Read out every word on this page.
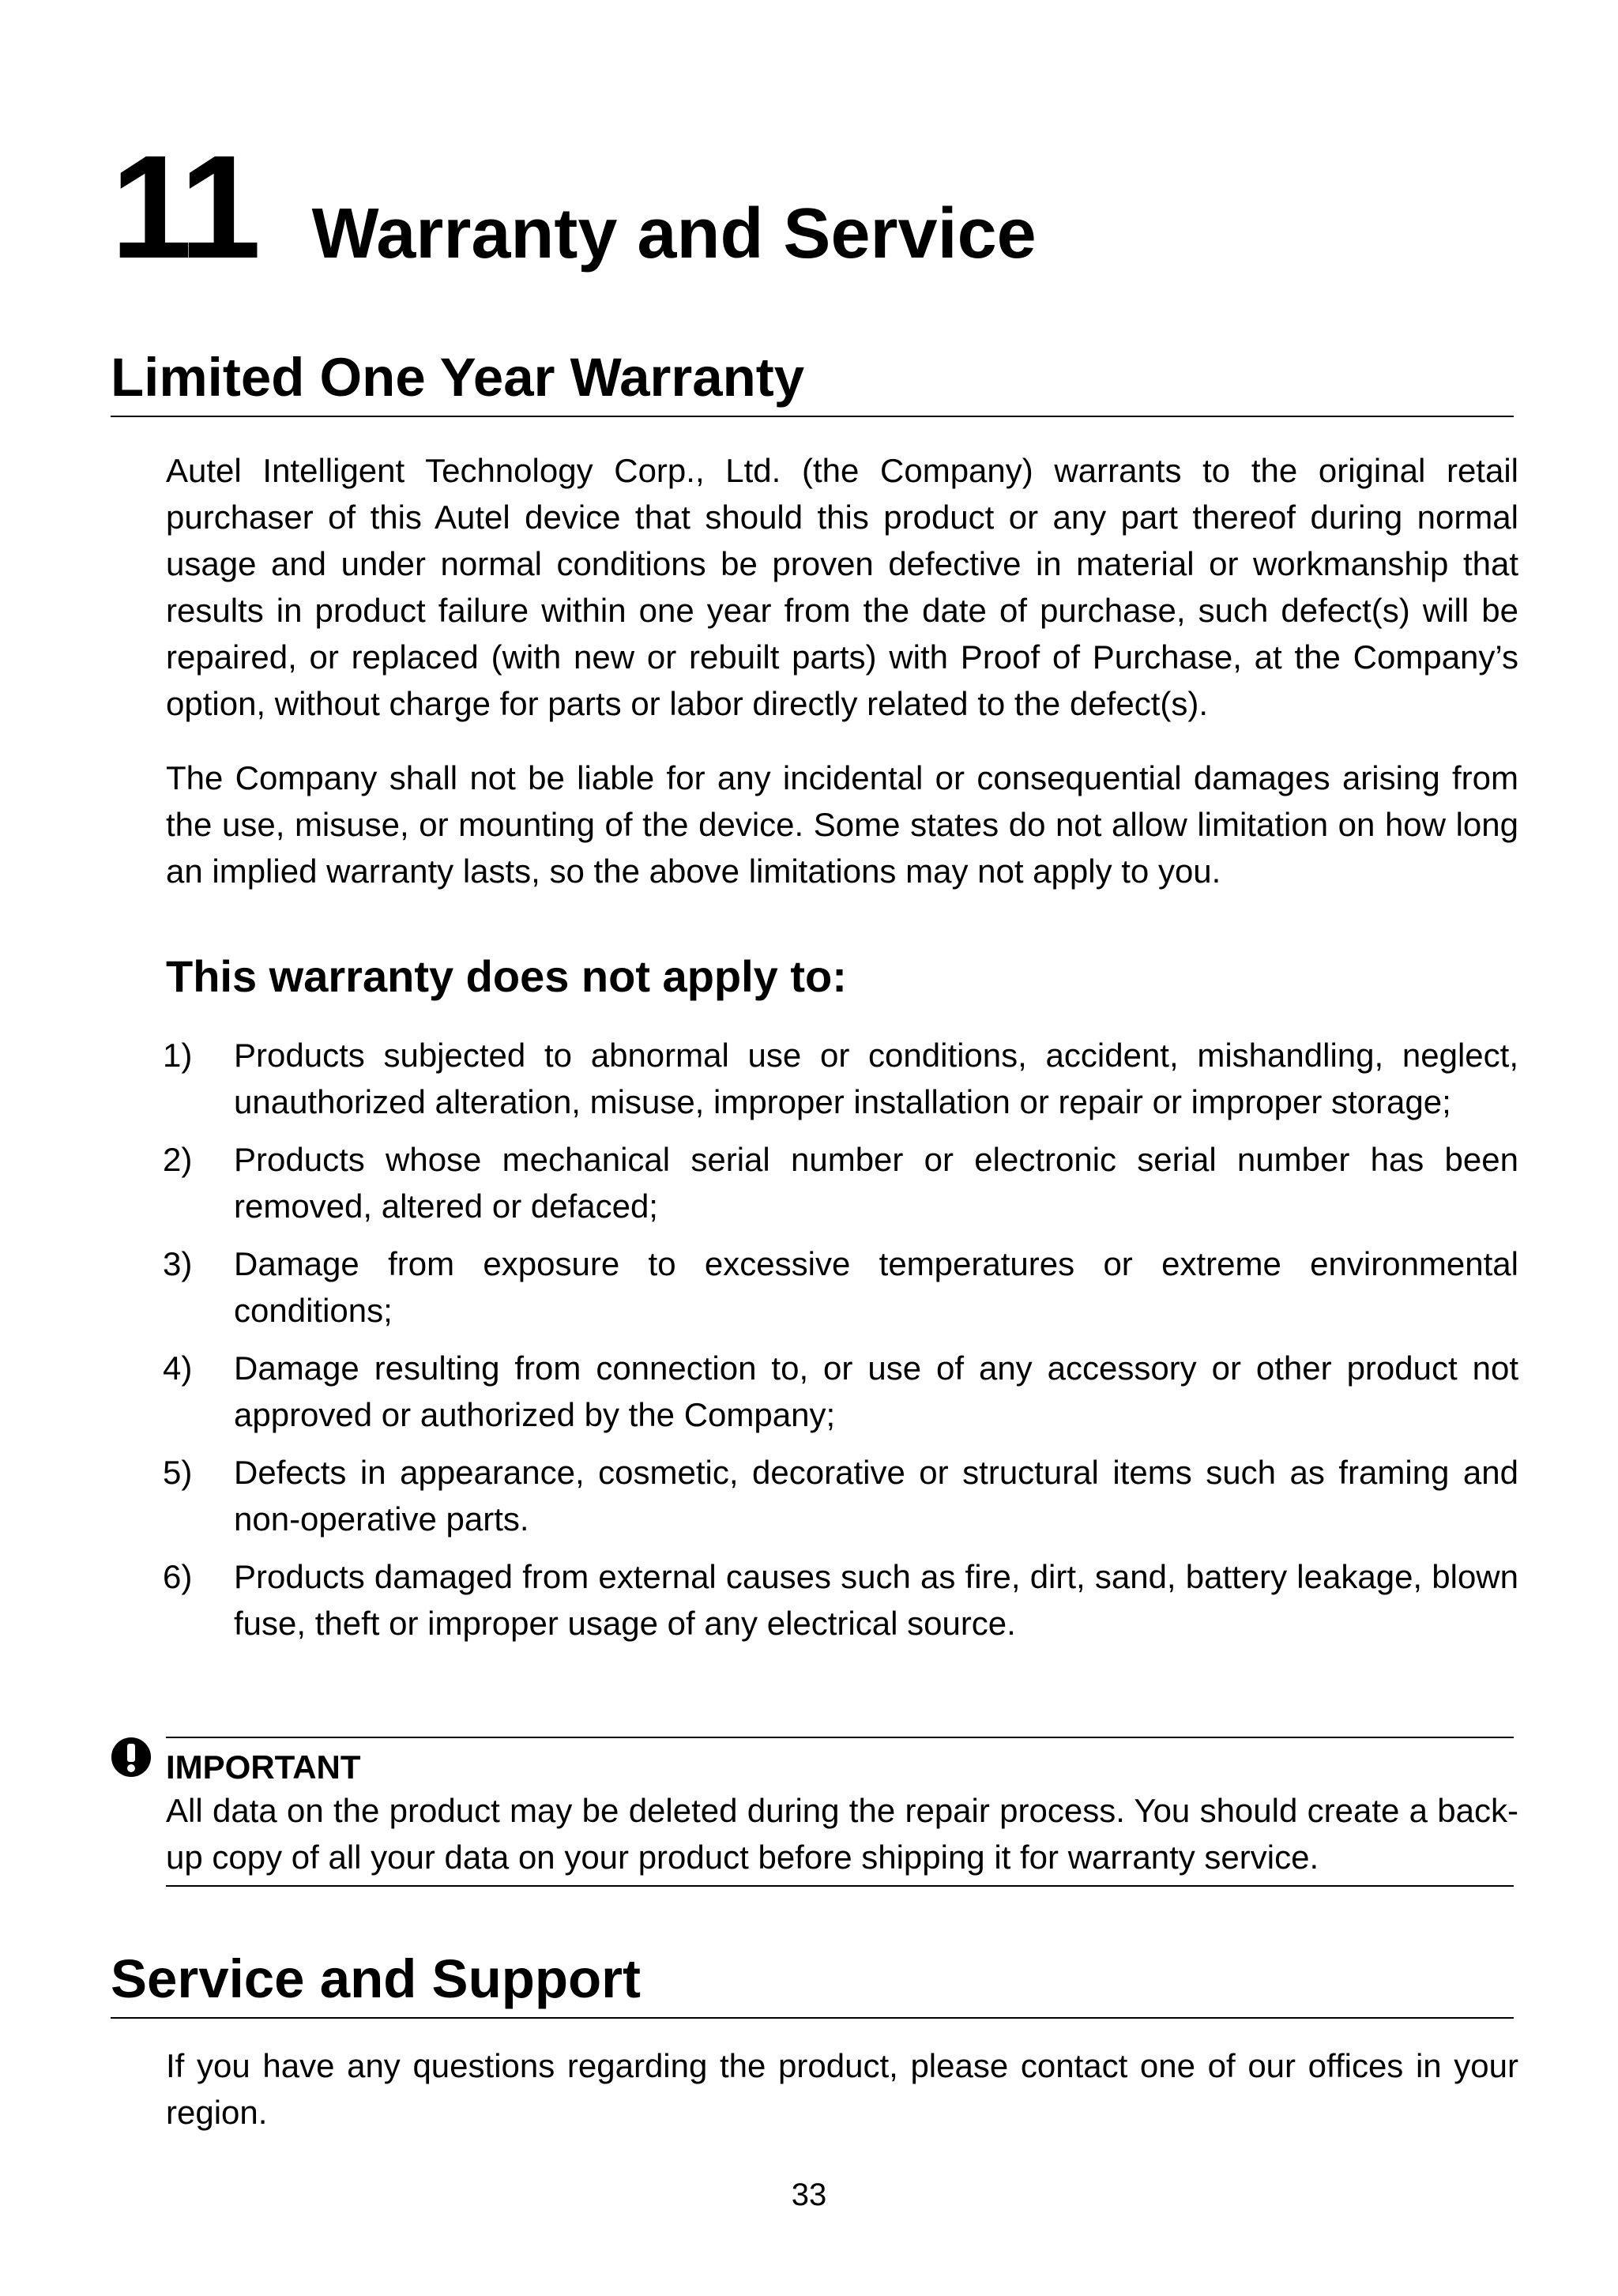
11 Warranty and Service
Limited One Year Warranty

Autel Intelligent Technology Corp., Ltd. (the Company) warrants to the original retail purchaser of this Autel device that should this product or any part thereof during normal usage and under normal conditions be proven defective in material or workmanship that results in product failure within one year from the date of purchase, such defect(s) will be repaired, or replaced (with new or rebuilt parts) with Proof of Purchase, at the Company’s option, without charge for parts or labor directly related to the defect(s).

The Company shall not be liable for any incidental or consequential damages arising from the use, misuse, or mounting of the device. Some states do not allow limitation on how long an implied warranty lasts, so the above limitations may not apply to you.

This warranty does not apply to:
1) Products subjected to abnormal use or conditions, accident, mishandling, neglect, unauthorized alteration, misuse, improper installation or repair or improper storage;
2) Products whose mechanical serial number or electronic serial number has been removed, altered or defaced;
3) Damage from exposure to excessive temperatures or extreme environmental conditions;
4) Damage resulting from connection to, or use of any accessory or other product not approved or authorized by the Company;
5) Defects in appearance, cosmetic, decorative or structural items such as framing and non-operative parts.
6) Products damaged from external causes such as fire, dirt, sand, battery leakage, blown fuse, theft or improper usage of any electrical source.
IMPORTANT
All data on the product may be deleted during the repair process. You should create a back-up copy of all your data on your product before shipping it for warranty service.
Service and Support

If you have any questions regarding the product, please contact one of our offices in your region.

33
